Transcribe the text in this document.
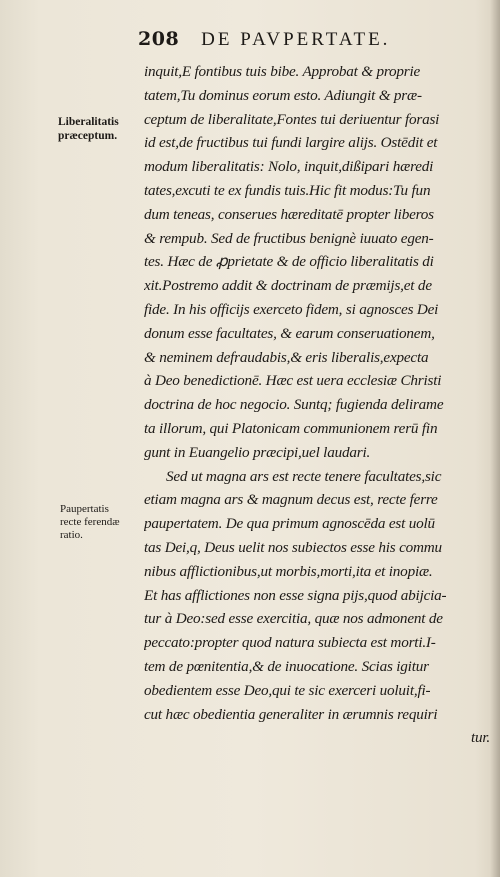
208 DE PAVPERTATE.
Liberalitatis
præceptum.
Paupertatis
recte ferendæ
ratio.
inquit,E fontibus tuis bibe. Approbat & proprie
tatem,Tu dominus eorum esto. Adiungit & præ-
ceptum de liberalitate,Fontes tui deriuentur forasi
id est,de fructibus tui fundi largire alijs. Ostēdit et
modum liberalitatis: Nolo, inquit,dißipari hæredi
tates,excuti te ex fundis tuis.Hic fit modus:Tu fun
dum teneas, conserues hæreditatē propter liberos
& rempub. Sed de fructibus benignè iuuato egen-
tes. Hæc de ꝓprietate & de officio liberalitatis di
xit.Postremo addit & doctrinam de præmijs,et de
fide. In his officijs exerceto fidem, si agnosces Dei
donum esse facultates, & earum conseruationem,
& neminem defraudabis,& eris liberalis,expecta
à Deo benedictionē. Hæc est uera ecclesiæ Christi
doctrina de hoc negocio. Suntq; fugienda delirame
ta illorum, qui Platonicam communionem rerū fin
gunt in Euangelio præcipi,uel laudari.
Sed ut magna ars est recte tenere facultates,sic
etiam magna ars & magnum decus est, recte ferre
paupertatem. De qua primum agnoscēda est uolū
tas Dei,q, Deus uelit nos subiectos esse his commu
nibus afflictionibus,ut morbis,morti,ita et inopiæ.
Et has afflictiones non esse signa pijs,quod abijcia-
tur à Deo:sed esse exercitia, quæ nos admonent de
peccato:propter quod natura subiecta est morti.I-
tem de pœnitentia,& de inuocatione. Scias igitur
obedientem esse Deo,qui te sic exerceri uoluit,fi-
cut hæc obedientia generaliter in ærumnis requiri
tur.
